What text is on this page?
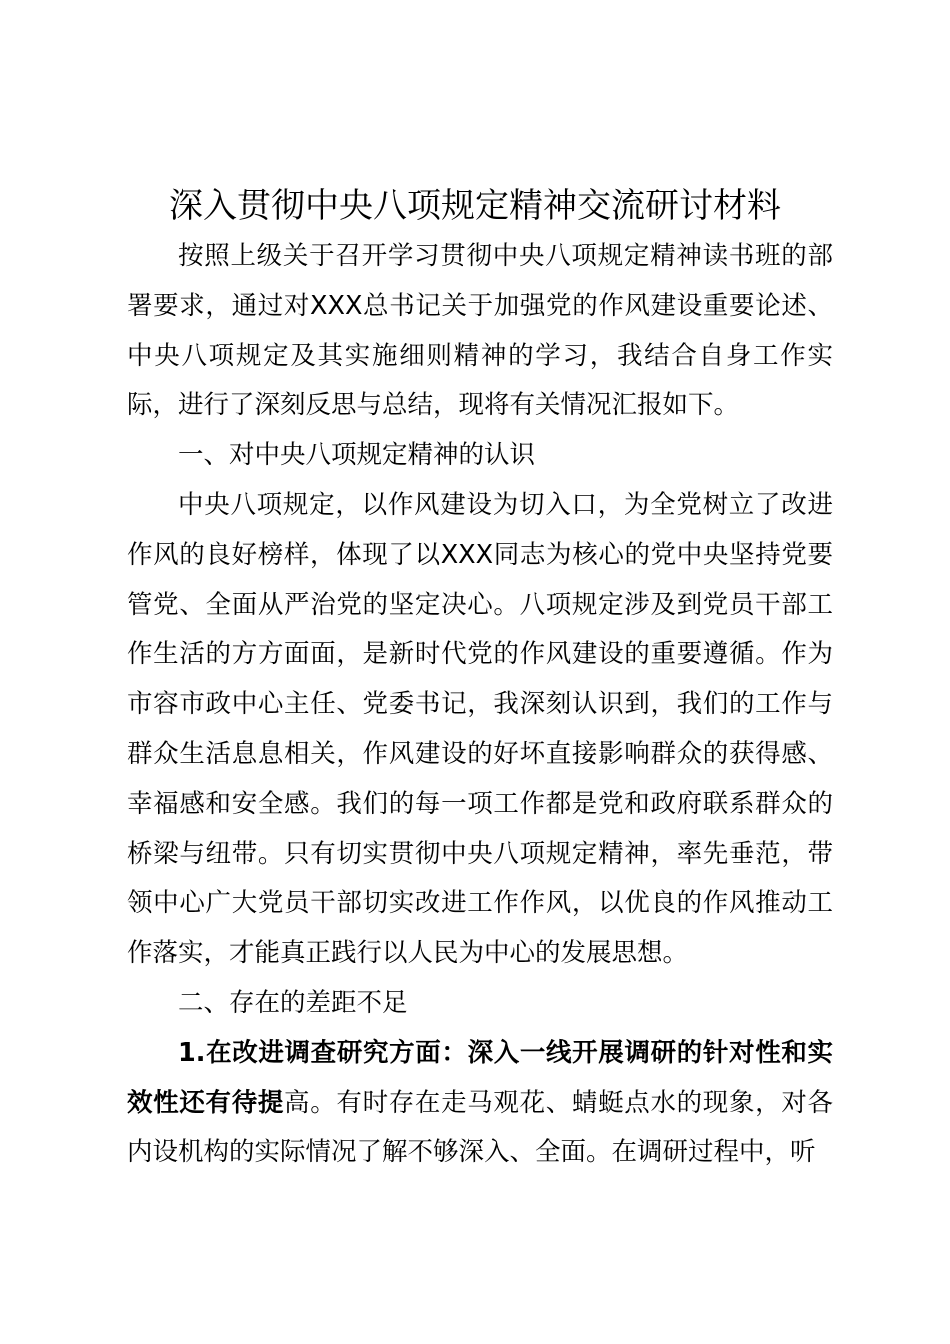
深入贯彻中央八项规定精神交流研讨材料

按照上级关于召开学习贯彻中央八项规定精神读书班的部署要求，通过对XXX总书记关于加强党的作风建设重要论述、中央八项规定及其实施细则精神的学习，我结合自身工作实际，进行了深刻反思与总结，现将有关情况汇报如下。

一、对中央八项规定精神的认识

中央八项规定，以作风建设为切入口，为全党树立了改进作风的良好榜样，体现了以XXX同志为核心的党中央坚持党要管党、全面从严治党的坚定决心。八项规定涉及到党员干部工作生活的方方面面，是新时代党的作风建设的重要遵循。作为市容市政中心主任、党委书记，我深刻认识到，我们的工作与群众生活息息相关，作风建设的好坏直接影响群众的获得感、幸福感和安全感。我们的每一项工作都是党和政府联系群众的桥梁与纽带。只有切实贯彻中央八项规定精神，率先垂范，带领中心广大党员干部切实改进工作作风，以优良的作风推动工作落实，才能真正践行以人民为中心的发展思想。

二、存在的差距不足

1.在改进调查研究方面：深入一线开展调研的针对性和实效性还有待提高。有时存在走马观花、蜻蜓点水的现象，对各内设机构的实际情况了解不够深入、全面。在调研过程中，听
